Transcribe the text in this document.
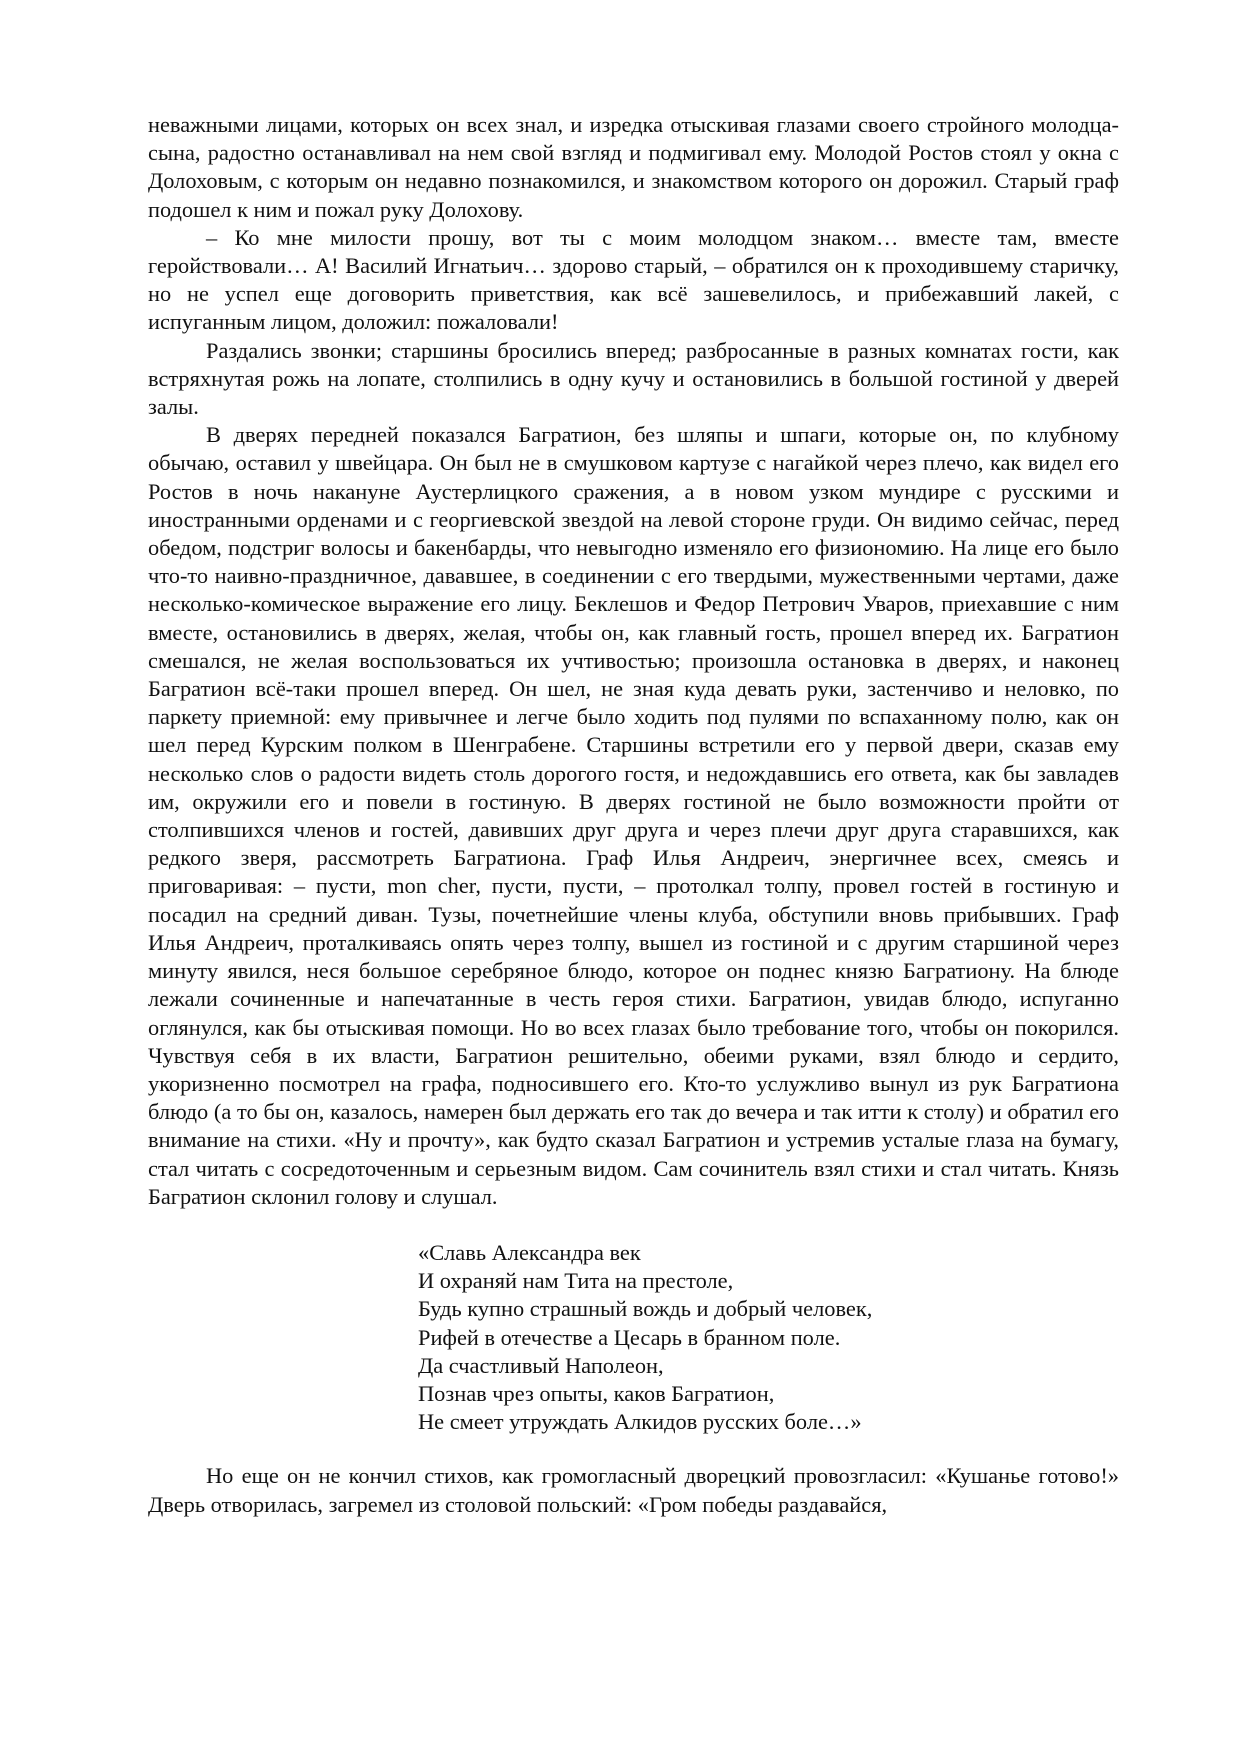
неважными лицами, которых он всех знал, и изредка отыскивая глазами своего стройного молодца-сына, радостно останавливал на нем свой взгляд и подмигивал ему. Молодой Ростов стоял у окна с Долоховым, с которым он недавно познакомился, и знакомством которого он дорожил. Старый граф подошел к ним и пожал руку Долохову.

– Ко мне милости прошу, вот ты с моим молодцом знаком… вместе там, вместе геройствовали… А! Василий Игнатьич… здорово старый, – обратился он к проходившему старичку, но не успел еще договорить приветствия, как всё зашевелилось, и прибежавший лакей, с испуганным лицом, доложил: пожаловали!

Раздались звонки; старшины бросились вперед; разбросанные в разных комнатах гости, как встряхнутая рожь на лопате, столпились в одну кучу и остановились в большой гостиной у дверей залы.

В дверях передней показался Багратион, без шляпы и шпаги, которые он, по клубному обычаю, оставил у швейцара. Он был не в смушковом картузе с нагайкой через плечо, как видел его Ростов в ночь накануне Аустерлицкого сражения, а в новом узком мундире с русскими и иностранными орденами и с георгиевской звездой на левой стороне груди. Он видимо сейчас, перед обедом, подстриг волосы и бакенбарды, что невыгодно изменяло его физиономию. На лице его было что-то наивно-праздничное, дававшее, в соединении с его твердыми, мужественными чертами, даже несколько-комическое выражение его лицу. Беклешов и Федор Петрович Уваров, приехавшие с ним вместе, остановились в дверях, желая, чтобы он, как главный гость, прошел вперед их. Багратион смешался, не желая воспользоваться их учтивостью; произошла остановка в дверях, и наконец Багратион всё-таки прошел вперед. Он шел, не зная куда девать руки, застенчиво и неловко, по паркету приемной: ему привычнее и легче было ходить под пулями по вспаханному полю, как он шел перед Курским полком в Шенграбене. Старшины встретили его у первой двери, сказав ему несколько слов о радости видеть столь дорогого гостя, и недождавшись его ответа, как бы завладев им, окружили его и повели в гостиную. В дверях гостиной не было возможности пройти от столпившихся членов и гостей, давивших друг друга и через плечи друг друга старавшихся, как редкого зверя, рассмотреть Багратиона. Граф Илья Андреич, энергичнее всех, смеясь и приговаривая: – пусти, mon cher, пусти, пусти, – протолкал толпу, провел гостей в гостиную и посадил на средний диван. Тузы, почетнейшие члены клуба, обступили вновь прибывших. Граф Илья Андреич, проталкиваясь опять через толпу, вышел из гостиной и с другим старшиной через минуту явился, неся большое серебряное блюдо, которое он поднес князю Багратиону. На блюде лежали сочиненные и напечатанные в честь героя стихи. Багратион, увидав блюдо, испуганно оглянулся, как бы отыскивая помощи. Но во всех глазах было требование того, чтобы он покорился. Чувствуя себя в их власти, Багратион решительно, обеими руками, взял блюдо и сердито, укоризненно посмотрел на графа, подносившего его. Кто-то услужливо вынул из рук Багратиона блюдо (а то бы он, казалось, намерен был держать его так до вечера и так итти к столу) и обратил его внимание на стихи. «Ну и прочту», как будто сказал Багратион и устремив усталые глаза на бумагу, стал читать с сосредоточенным и серьезным видом. Сам сочинитель взял стихи и стал читать. Князь Багратион склонил голову и слушал.

«Славь Александра век
И охраняй нам Тита на престоле,
Будь купно страшный вождь и добрый человек,
Рифей в отечестве а Цесарь в бранном поле.
Да счастливый Наполеон,
Познав чрез опыты, каков Багратион,
Не смеет утруждать Алкидов русских боле…»

Но еще он не кончил стихов, как громогласный дворецкий провозгласил: «Кушанье готово!» Дверь отворилась, загремел из столовой польский: «Гром победы раздавайся,
